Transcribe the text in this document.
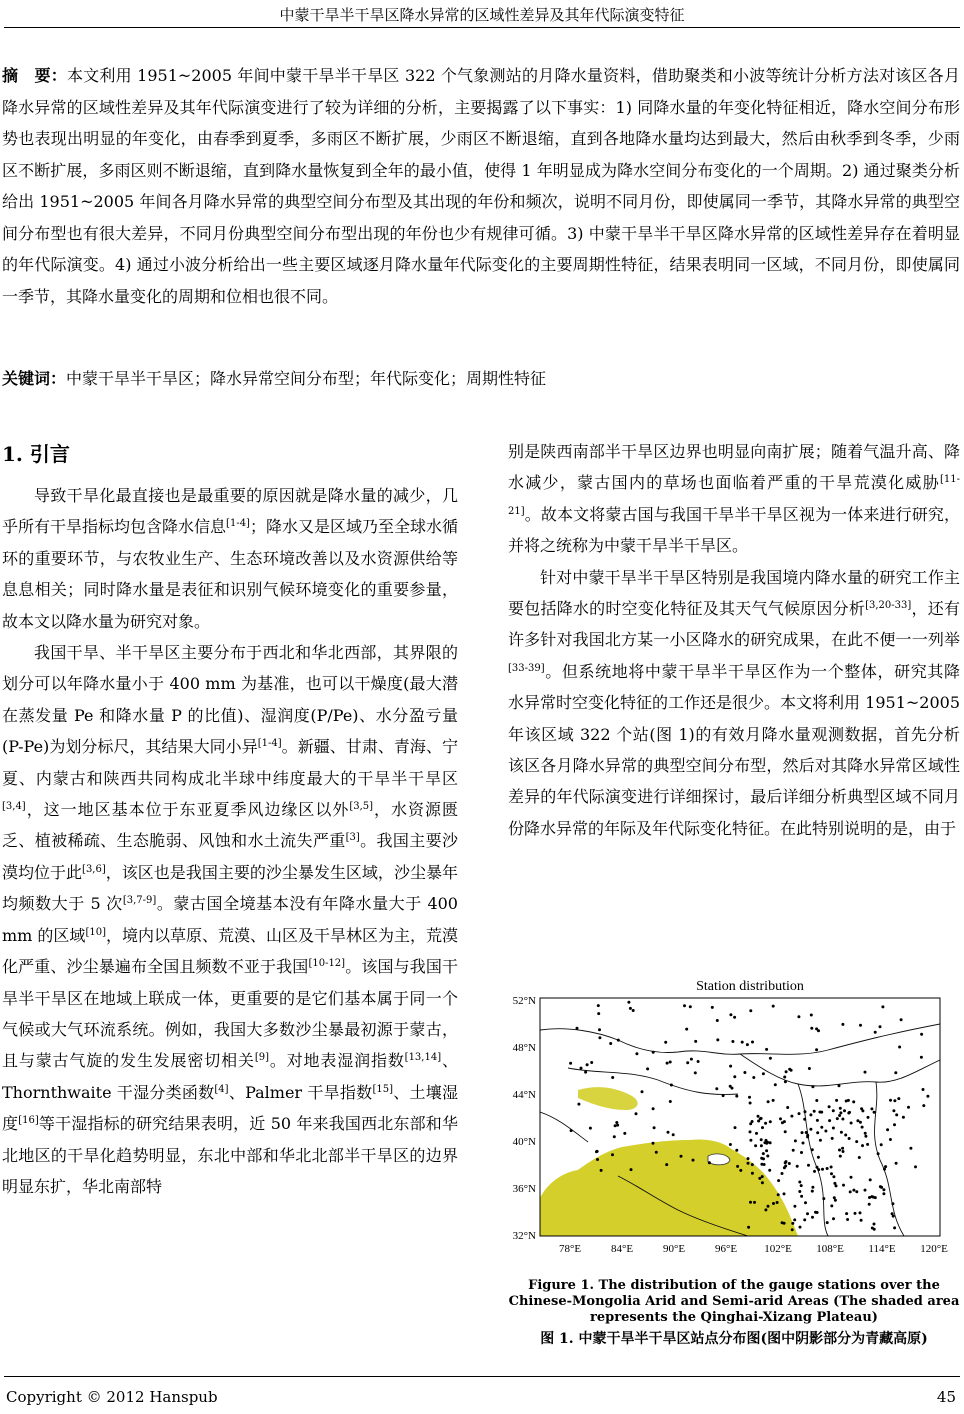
中蒙干旱半干旱区降水异常的区域性差异及其年代际演变特征
摘　要：本文利用 1951~2005 年间中蒙干旱半干旱区 322 个气象测站的月降水量资料，借助聚类和小波等统计分析方法对该区各月降水异常的区域性差异及其年代际演变进行了较为详细的分析，主要揭露了以下事实：1) 同降水量的年变化特征相近，降水空间分布形势也表现出明显的年变化，由春季到夏季，多雨区不断扩展，少雨区不断退缩，直到各地降水量均达到最大，然后由秋季到冬季，少雨区不断扩展，多雨区则不断退缩，直到降水量恢复到全年的最小值，使得 1 年明显成为降水空间分布变化的一个周期。2) 通过聚类分析给出 1951~2005 年间各月降水异常的典型空间分布型及其出现的年份和频次，说明不同月份，即使属同一季节，其降水异常的典型空间分布型也有很大差异，不同月份典型空间分布型出现的年份也少有规律可循。3) 中蒙干旱半干旱区降水异常的区域性差异存在着明显的年代际演变。4) 通过小波分析给出一些主要区域逐月降水量年代际变化的主要周期性特征，结果表明同一区域，不同月份，即使属同一季节，其降水量变化的周期和位相也很不同。
关键词：中蒙干旱半干旱区；降水异常空间分布型；年代际变化；周期性特征
1. 引言

导致干旱化最直接也是最重要的原因就是降水量的减少，几乎所有干旱指标均包含降水信息[1-4]；降水又是区域乃至全球水循环的重要环节，与农牧业生产、生态环境改善以及水资源供给等息息相关；同时降水量是表征和识别气候环境变化的重要参量，故本文以降水量为研究对象。

我国干旱、半干旱区主要分布于西北和华北西部，其界限的划分可以年降水量小于 400 mm 为基准，也可以干燥度(最大潜在蒸发量 Pe 和降水量 P 的比值)、湿润度(P/Pe)、水分盈亏量(P-Pe)为划分标尺，其结果大同小异[1-4]。新疆、甘肃、青海、宁夏、内蒙古和陕西共同构成北半球中纬度最大的干旱半干旱区[3,4]，这一地区基本位于东亚夏季风边缘区以外[3,5]，水资源匮乏、植被稀疏、生态脆弱、风蚀和水土流失严重[3]。我国主要沙漠均位于此[3,6]，该区也是我国主要的沙尘暴发生区域，沙尘暴年均频数大于 5 次[3,7-9]。蒙古国全境基本没有年降水量大于 400 mm 的区域[10]，境内以草原、荒漠、山区及干旱林区为主，荒漠化严重、沙尘暴遍布全国且频数不亚于我国[10-12]。该国与我国干旱半干旱区在地域上联成一体，更重要的是它们基本属于同一个气候或大气环流系统。例如，我国大多数沙尘暴最初源于蒙古，且与蒙古气旋的发生发展密切相关[9]。对地表湿润指数[13,14]、Thornthwaite 干湿分类函数[4]、Palmer 干旱指数[15]、土壤湿度[16]等干湿指标的研究结果表明，近 50 年来我国西北东部和华北地区的干旱化趋势明显，东北中部和华北北部半干旱区的边界明显东扩，华北南部特

别是陕西南部半干旱区边界也明显向南扩展；随着气温升高、降水减少，蒙古国内的草场也面临着严重的干旱荒漠化威胁[11-21]。故本文将蒙古国与我国干旱半干旱区视为一体来进行研究，并将之统称为中蒙干旱半干旱区。

针对中蒙干旱半干旱区特别是我国境内降水量的研究工作主要包括降水的时空变化特征及其天气气候原因分析[3,20-33]，还有许多针对我国北方某一小区降水的研究成果，在此不便一一列举[33-39]。但系统地将中蒙干旱半干旱区作为一个整体，研究其降水异常时空变化特征的工作还是很少。本文将利用 1951~2005 年该区域 322 个站(图 1)的有效月降水量观测数据，首先分析该区各月降水异常的典型空间分布型，然后对其降水异常区域性差异的年代际演变进行详细探讨，最后详细分析典型区域不同月份降水异常的年际及年代际变化特征。在此特别说明的是，由于

Station distribution
52°N
48°N
44°N
40°N
36°N
32°N
78°E	84°E	90°E	96°E 102°E 108°E 114°E 120°E
Figure 1. The distribution of the gauge stations over the Chinese-Mongolia Arid and Semi-arid Areas (The shaded area represents the Qinghai-Xizang Plateau)
图 1. 中蒙干旱半干旱区站点分布图(图中阴影部分为青藏高原)
Copyright © 2012 Hanspub	45
